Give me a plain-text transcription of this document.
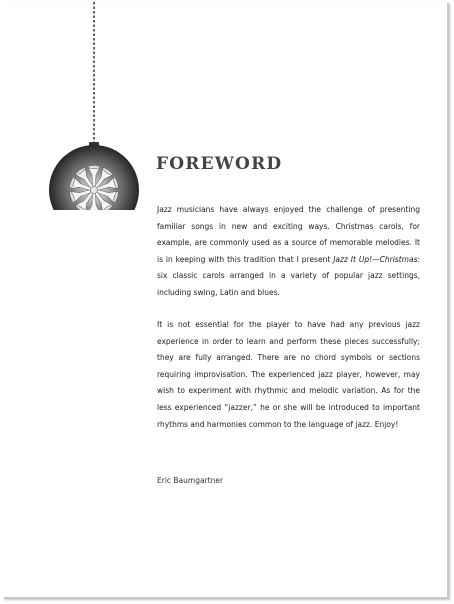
FOREWORD

Jazz musicians have always enjoyed the challenge of presenting familiar songs in new and exciting ways. Christmas carols, for example, are commonly used as a source of memorable melodies. It is in keeping with this tradition that I present Jazz It Up!—Christmas: six classic carols arranged in a variety of popular jazz settings, including swing, Latin and blues.

It is not essential for the player to have had any previous jazz experience in order to learn and perform these pieces successfully; they are fully arranged. There are no chord symbols or sections requiring improvisation. The experienced jazz player, however, may wish to experiment with rhythmic and melodic variation. As for the less experienced “jazzer,” he or she will be introduced to important rhythms and harmonies common to the language of jazz. Enjoy!

Eric Baumgartner
